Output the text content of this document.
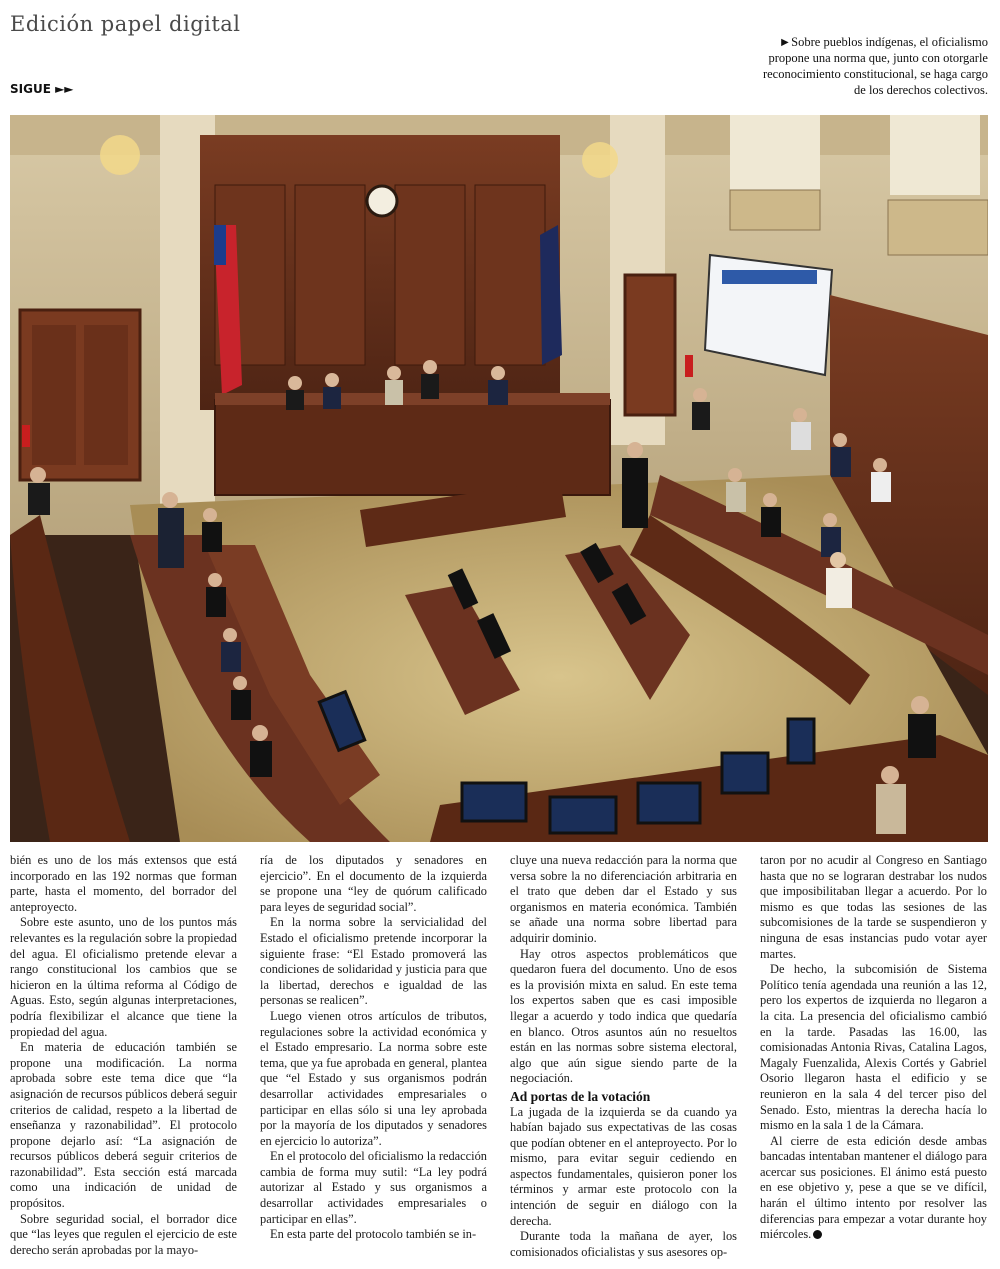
Edición papel digital
SIGUE ►►
►Sobre pueblos indígenas, el oficialismo propone una norma que, junto con otorgarle reconocimiento constitucional, se haga cargo de los derechos colectivos.

bién es uno de los más extensos que está incorporado en las 192 normas que forman parte, hasta el momento, del borrador del anteproyecto.

Sobre este asunto, uno de los puntos más relevantes es la regulación sobre la propiedad del agua. El oficialismo pretende elevar a rango constitucional los cambios que se hicieron en la última reforma al Código de Aguas. Esto, según algunas interpretaciones, podría flexibilizar el alcance que tiene la propiedad del agua.

En materia de educación también se propone una modificación. La norma aprobada sobre este tema dice que “la asignación de recursos públicos deberá seguir criterios de calidad, respeto a la libertad de enseñanza y razonabilidad”. El protocolo propone dejarlo así: “La asignación de recursos públicos deberá seguir criterios de razonabilidad”. Esta sección está marcada como una indicación de unidad de propósitos.

Sobre seguridad social, el borrador dice que “las leyes que regulen el ejercicio de este derecho serán aprobadas por la mayo-

ría de los diputados y senadores en ejercicio”. En el documento de la izquierda se propone una “ley de quórum calificado para leyes de seguridad social”.

En la norma sobre la servicialidad del Estado el oficialismo pretende incorporar la siguiente frase: “El Estado promoverá las condiciones de solidaridad y justicia para que la libertad, derechos e igualdad de las personas se realicen”.

Luego vienen otros artículos de tributos, regulaciones sobre la actividad económica y el Estado empresario. La norma sobre este tema, que ya fue aprobada en general, plantea que “el Estado y sus organismos podrán desarrollar actividades empresariales o participar en ellas sólo si una ley aprobada por la mayoría de los diputados y senadores en ejercicio lo autoriza”.

En el protocolo del oficialismo la redacción cambia de forma muy sutil: “La ley podrá autorizar al Estado y sus organismos a desarrollar actividades empresariales o participar en ellas”.

En esta parte del protocolo también se in-

cluye una nueva redacción para la norma que versa sobre la no diferenciación arbitraria en el trato que deben dar el Estado y sus organismos en materia económica. También se añade una norma sobre libertad para adquirir dominio.

Hay otros aspectos problemáticos que quedaron fuera del documento. Uno de esos es la provisión mixta en salud. En este tema los expertos saben que es casi imposible llegar a acuerdo y todo indica que quedaría en blanco. Otros asuntos aún no resueltos están en las normas sobre sistema electoral, algo que aún sigue siendo parte de la negociación.

Ad portas de la votación

La jugada de la izquierda se da cuando ya habían bajado sus expectativas de las cosas que podían obtener en el anteproyecto. Por lo mismo, para evitar seguir cediendo en aspectos fundamentales, quisieron poner los términos y armar este protocolo con la intención de seguir en diálogo con la derecha.

Durante toda la mañana de ayer, los comisionados oficialistas y sus asesores op-

taron por no acudir al Congreso en Santiago hasta que no se lograran destrabar los nudos que imposibilitaban llegar a acuerdo. Por lo mismo es que todas las sesiones de las subcomisiones de la tarde se suspendieron y ninguna de esas instancias pudo votar ayer martes.

De hecho, la subcomisión de Sistema Político tenía agendada una reunión a las 12, pero los expertos de izquierda no llegaron a la cita. La presencia del oficialismo cambió en la tarde. Pasadas las 16.00, las comisionadas Antonia Rivas, Catalina Lagos, Magaly Fuenzalida, Alexis Cortés y Gabriel Osorio llegaron hasta el edificio y se reunieron en la sala 4 del tercer piso del Senado. Esto, mientras la derecha hacía lo mismo en la sala 1 de la Cámara.

Al cierre de esta edición desde ambas bancadas intentaban mantener el diálogo para acercar sus posiciones. El ánimo está puesto en ese objetivo y, pese a que se ve difícil, harán el último intento por resolver las diferencias para empezar a votar durante hoy miércoles.
